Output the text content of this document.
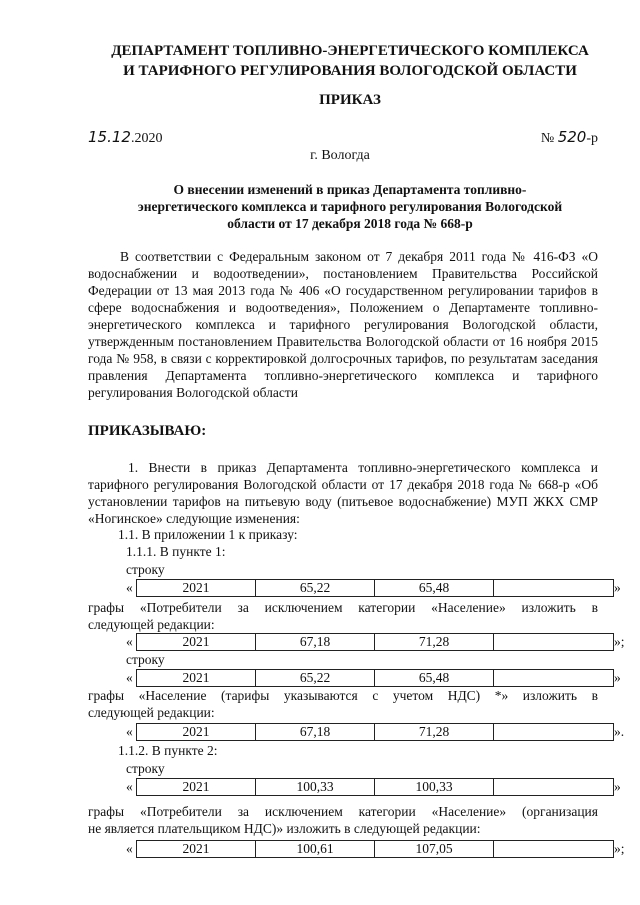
ДЕПАРТАМЕНТ ТОПЛИВНО-ЭНЕРГЕТИЧЕСКОГО КОМПЛЕКСА
И ТАРИФНОГО РЕГУЛИРОВАНИЯ ВОЛОГОДСКОЙ ОБЛАСТИ
ПРИКАЗ
15.12.2020	№ 520-р
г. Вологда
О внесении изменений в приказ Департамента топливно-
энергетического комплекса и тарифного регулирования Вологодской
области от 17 декабря 2018 года № 668-р
В соответствии с Федеральным законом от 7 декабря 2011 года № 416-ФЗ «О водоснабжении и водоотведении», постановлением Правительства Российской Федерации от 13 мая 2013 года № 406 «О государственном регулировании тарифов в сфере водоснабжения и водоотведения», Положением о Департаменте топливно-энергетического комплекса и тарифного регулирования Вологодской области, утвержденным постановлением Правительства Вологодской области от 16 ноября 2015 года № 958, в связи с корректировкой долгосрочных тарифов, по результатам заседания правления Департамента топливно-энергетического комплекса и тарифного регулирования Вологодской области
ПРИКАЗЫВАЮ:
1. Внести в приказ Департамента топливно-энергетического комплекса и тарифного регулирования Вологодской области от 17 декабря 2018 года № 668-р «Об установлении тарифов на питьевую воду (питьевое водоснабжение) МУП ЖКХ СМР «Ногинское» следующие изменения:
1.1. В приложении 1 к приказу:
1.1.1. В пункте 1:
строку
«	2021	65,22	65,48	»
графы «Потребители за исключением категории «Население» изложить в
следующей редакции:
«	2021	67,18	71,28	»;
строку
«	2021	65,22	65,48	»
графы «Население (тарифы указываются с учетом НДС) *» изложить в
следующей редакции:
«	2021	67,18	71,28	».
1.1.2. В пункте 2:
строку
«	2021	100,33	100,33	»
графы «Потребители за исключением категории «Население» (организация
не является плательщиком НДС)» изложить в следующей редакции:
«	2021	100,61	107,05	»;
